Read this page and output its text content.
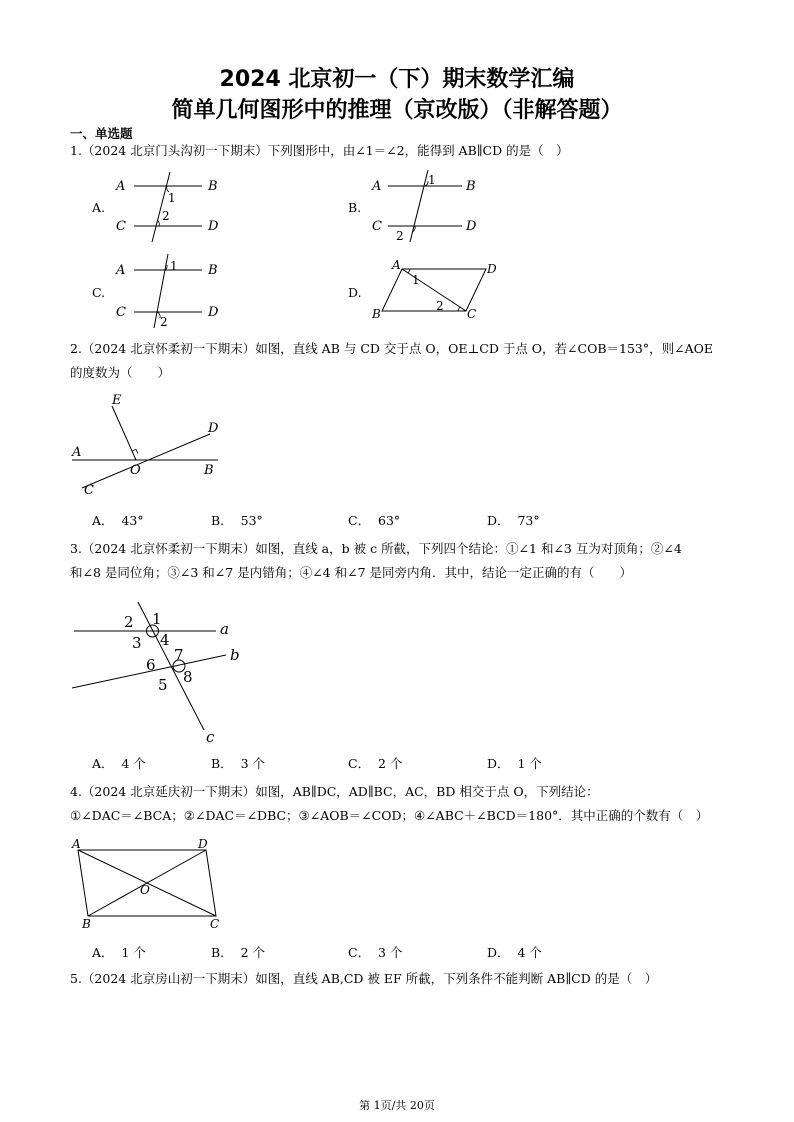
2024 北京初一（下）期末数学汇编
简单几何图形中的推理（京改版）（非解答题）
一、单选题
1.（2024 北京门头沟初一下期末）下列图形中，由∠1＝∠2，能得到 AB∥CD 的是（　）
A.
A	B
C	D
1
2
B.
A	B
C	D
1
2
C.
A	B
C	D
1
2
D.
A	D
B	C
1
2
2.（2024 北京怀柔初一下期末）如图，直线 AB 与 CD 交于点 O，OE⊥CD 于点 O，若∠COB＝153°，则∠AOE
的度数为（　　）
E
A
O	B
D
C
A． 43°	B． 53°	C． 63°	D． 73°
3.（2024 北京怀柔初一下期末）如图，直线 a，b 被 c 所截，下列四个结论：①∠1 和∠3 互为对顶角；②∠4
和∠8 是同位角；③∠3 和∠7 是内错角；④∠4 和∠7 是同旁内角．其中，结论一定正确的有（　　）
1
2
3 4
5
6
7
8
a
b
c
A． 4 个	B． 3 个	C． 2 个	D． 1 个
4.（2024 北京延庆初一下期末）如图，AB∥DC，AD∥BC，AC，BD 相交于点 O，下列结论：
①∠DAC＝∠BCA；②∠DAC＝∠DBC；③∠AOB＝∠COD；④∠ABC＋∠BCD＝180°．其中正确的个数有（　）
A	D
B	C
O
A． 1 个	B． 2 个	C． 3 个	D． 4 个
5.（2024 北京房山初一下期末）如图，直线 AB,CD 被 EF 所截，下列条件不能判断 AB∥CD 的是（　）
第 1页/共 20页
